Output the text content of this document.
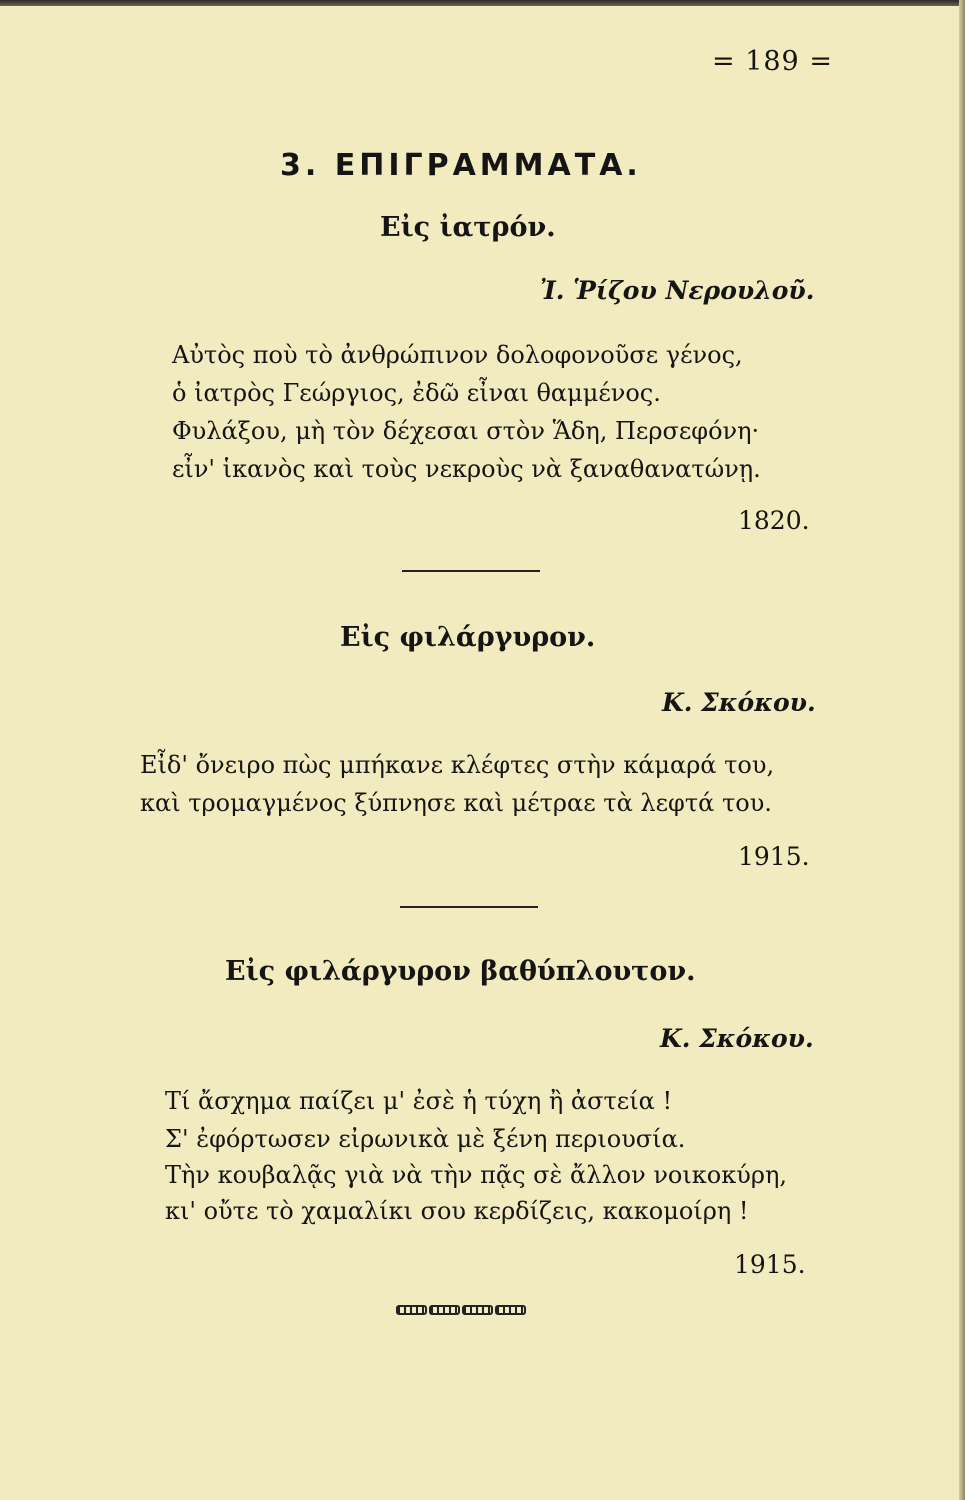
= 189 =
3. ΕΠΙΓΡΑΜΜΑΤΑ.
Εἰς ἰατρόν.
Ἰ. Ῥίζου Νερουλοῦ.
Αὐτὸς ποὺ τὸ ἀνθρώπινον δολοφονοῦσε γένος,
ὁ ἰατρὸς Γεώργιος, ἐδῶ εἶναι θαμμένος.
Φυλάξου, μὴ τὸν δέχεσαι στὸν Ἅδη, Περσεφόνη·
εἶν' ἱκανὸς καὶ τοὺς νεκροὺς νὰ ξαναθανατώνῃ.
1820.
Εἰς φιλάργυρον.
Κ. Σκόκου.
Εἶδ' ὄνειρο πὼς μπήκανε κλέφτες στὴν κάμαρά του,
καὶ τρομαγμένος ξύπνησε καὶ μέτραε τὰ λεφτά του.
1915.
Εἰς φιλάργυρον βαθύπλουτον.
Κ. Σκόκου.
Τί ἄσχημα παίζει μ' ἐσὲ ἡ τύχη ἢ ἀστεία !
Σ' ἐφόρτωσεν εἰρωνικὰ μὲ ξένη περιουσία.
Τὴν κουβαλᾷς γιὰ νὰ τὴν πᾷς σὲ ἄλλον νοικοκύρη,
κι' οὔτε τὸ χαμαλίκι σου κερδίζεις, κακομοίρη !
1915.
